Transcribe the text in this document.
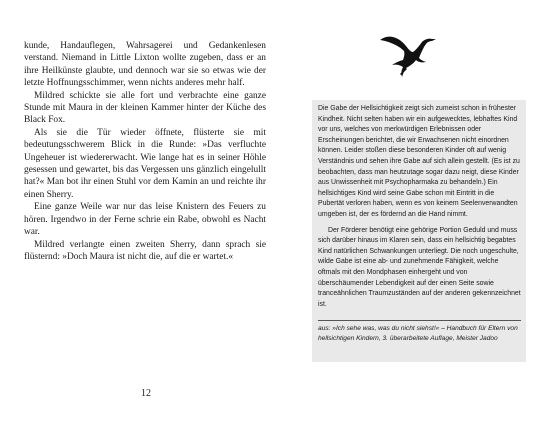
kunde, Handauflegen, Wahrsagerei und Gedankenlesen verstand. Niemand in Little Lixton wollte zugeben, dass er an ihre Heilkünste glaubte, und dennoch war sie so etwas wie der letzte Hoffnungsschimmer, wenn nichts anderes mehr half.

Mildred schickte sie alle fort und verbrachte eine ganze Stunde mit Maura in der kleinen Kammer hinter der Küche des Black Fox.

Als sie die Tür wieder öffnete, flüsterte sie mit bedeutungsschwerem Blick in die Runde: »Das verfluchte Ungeheuer ist wiedererwacht. Wie lange hat es in seiner Höhle gesessen und gewartet, bis das Vergessen uns gänzlich eingelullt hat?« Man bot ihr einen Stuhl vor dem Kamin an und reichte ihr einen Sherry.

Eine ganze Weile war nur das leise Knistern des Feuers zu hören. Irgendwo in der Ferne schrie ein Rabe, obwohl es Nacht war.

Mildred verlangte einen zweiten Sherry, dann sprach sie flüsternd: »Doch Maura ist nicht die, auf die er wartet.«

12

Die Gabe der Hellsichtigkeit zeigt sich zumeist schon in frühester Kindheit. Nicht selten haben wir ein aufgewecktes, lebhaftes Kind vor uns, welches von merkwürdigen Erlebnissen oder Erscheinungen berichtet, die wir Erwachsenen nicht einordnen können. Leider stoßen diese besonderen Kinder oft auf wenig Verständnis und sehen ihre Gabe auf sich allein gestellt. (Es ist zu beobachten, dass man heutzutage sogar dazu neigt, diese Kinder aus Unwissenheit mit Psychopharmaka zu behandeln.) Ein hellsichtiges Kind wird seine Gabe schon mit Eintritt in die Pubertät verloren haben, wenn es von keinem Seelenverwandten umgeben ist, der es fördernd an die Hand nimmt.

Der Förderer benötigt eine gehörige Portion Geduld und muss sich darüber hinaus im Klaren sein, dass ein hellsichtig begabtes Kind natürlichen Schwankungen unterliegt. Die noch ungeschulte, wilde Gabe ist eine ab- und zunehmende Fähigkeit, welche oftmals mit den Mondphasen einhergeht und von überschäumender Lebendigkeit auf der einen Seite sowie tranceähnlichen Traumzuständen auf der anderen gekennzeichnet ist.

aus: »Ich sehe was, was du nicht siehst!« – Handbuch für Eltern von hellsichtigen Kindern, 3. überarbeitete Auflage, Meister Jadoo
